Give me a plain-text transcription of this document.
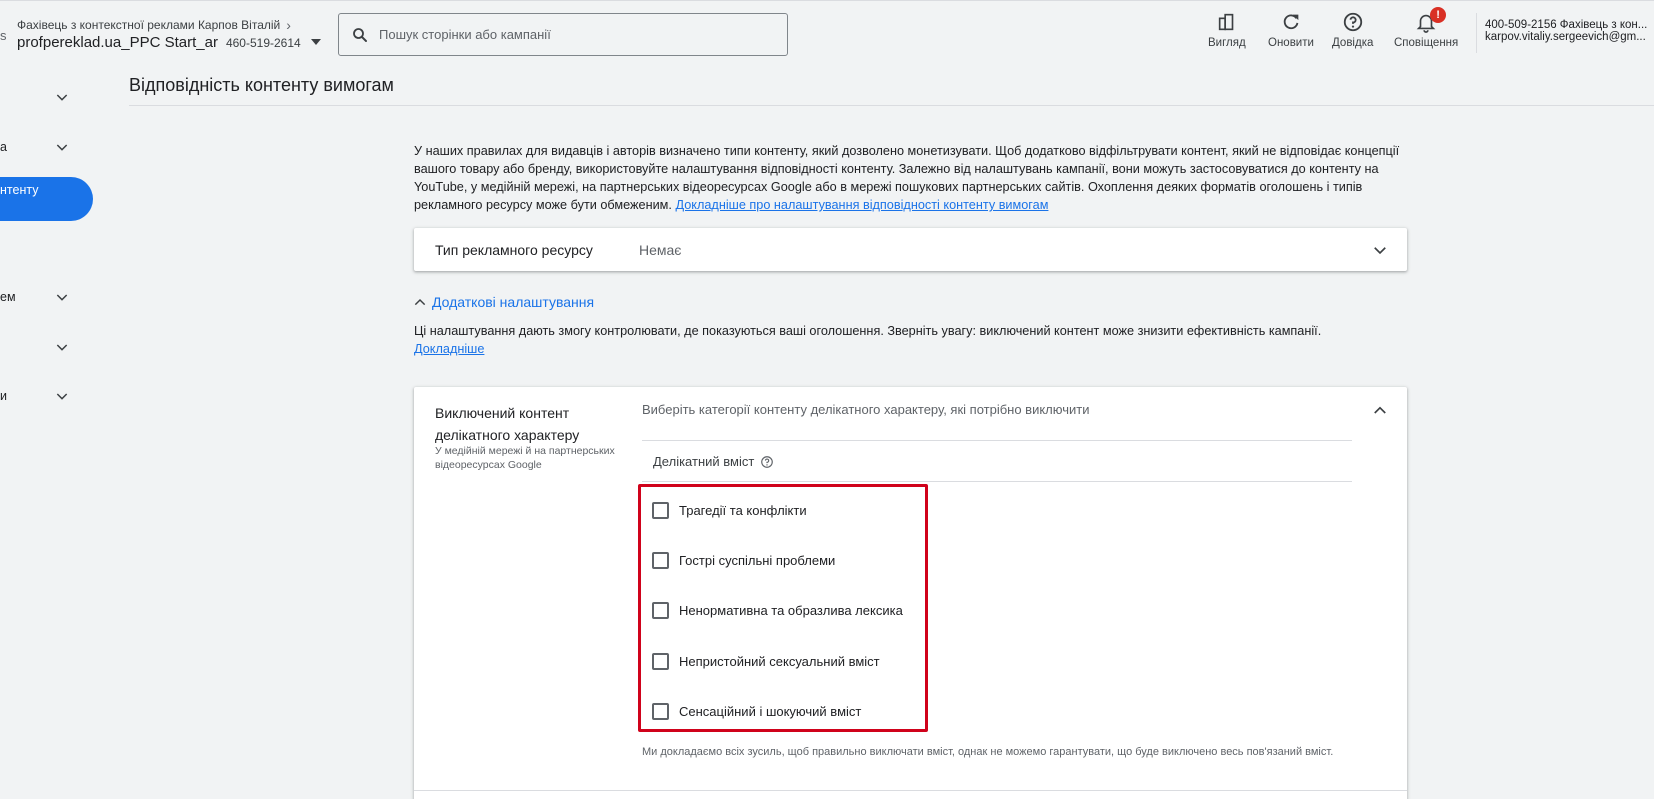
s
Фахівець з контекстної реклами Карпов Віталій ›
profpereklad.ua_PPC Start_ar 460-519-2614
Пошук сторінки або кампанії	Вигляд Оновити Довідка
!
Сповіщення
400-509-2156 Фахівець з кон...
karpov.vitaliy.sergeevich@gm...
а
нтенту
ем
и
Відповідність контенту вимогам
У наших правилах для видавців і авторів визначено типи контенту, який дозволено монетизувати. Щоб додатково відфільтрувати контент, який не відповідає концепції вашого товару або бренду, використовуйте налаштування відповідності контенту. Залежно від налаштувань кампанії, вони можуть застосовуватися до контенту на YouTube, у медійній мережі, на партнерських відеоресурсах Google або в мережі пошукових партнерських сайтів. Охоплення деяких форматів оголошень і типів рекламного ресурсу може бути обмеженим. Докладніше про налаштування відповідності контенту вимогам
Тип рекламного ресурсу	Немає
Додаткові налаштування
Ці налаштування дають змогу контролювати, де показуються ваші оголошення. Зверніть увагу: виключений контент може знизити ефективність кампанії.
Докладніше
Виключений контент делікатного характеру
У медійній мережі й на партнерських відеоресурсах Google
Виберіть категорії контенту делікатного характеру, які потрібно виключити
Делікатний вміст
Трагедії та конфлікти
Гострі суспільні проблеми
Ненормативна та образлива лексика
Непристойний сексуальний вміст
Сенсаційний і шокуючий вміст
Ми докладаємо всіх зусиль, щоб правильно виключати вміст, однак не можемо гарантувати, що буде виключено весь пов'язаний вміст.
